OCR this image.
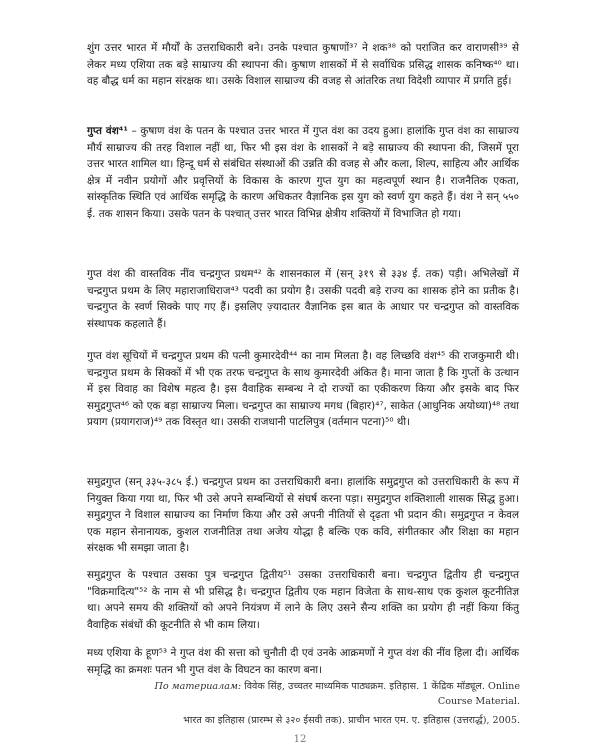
शुंग उत्तर भारत में मौर्यों के उत्तराधिकारी बने। उनके पश्चात कुषाणों³⁷ ने शक³⁸ को पराजित कर वाराणसी³⁹ से लेकर मध्य एशिया तक बड़े साम्राज्य की स्थापना की। कुषाण शासकों में से सर्वाधिक प्रसिद्ध शासक कनिष्क⁴⁰ था। वह बौद्ध धर्म का महान संरक्षक था। उसके विशाल साम्राज्य की वजह से आंतरिक तथा विदेशी व्यापार में प्रगति हुई।

गुप्त वंश⁴¹ – कुषाण वंश के पतन के पश्चात उत्तर भारत में गुप्त वंश का उदय हुआ। हालांकि गुप्त वंश का साम्राज्य मौर्य साम्राज्य की तरह विशाल नहीं था, फिर भी इस वंश के शासकों ने बड़े साम्राज्य की स्थापना की, जिसमें पूरा उत्तर भारत शामिल था। हिन्दू धर्म से संबंधित संस्थाओं की उन्नति की वजह से और कला, शिल्प, साहित्य और आर्थिक क्षेत्र में नवीन प्रयोगों और प्रवृत्तियों के विकास के कारण गुप्त युग का महत्वपूर्ण स्थान है। राजनैतिक एकता, सांस्कृतिक स्थिति एवं आर्थिक समृद्धि के कारण अधिकतर वैज्ञानिक इस युग को स्वर्ण युग कहते हैं। वंश ने सन् ५५० ई. तक शासन किया। उसके पतन के पश्चात् उत्तर भारत विभिन्न क्षेत्रीय शक्तियों में विभाजित हो गया।

गुप्त वंश की वास्तविक नींव चन्द्रगुप्त प्रथम⁴² के शासनकाल में (सन् ३१९ से ३३४ ई. तक) पड़ी। अभिलेखों में चन्द्रगुप्त प्रथम के लिए महाराजाधिराज⁴³ पदवी का प्रयोग है। उसकी पदवी बड़े राज्य का शासक होने का प्रतीक है। चन्द्रगुप्त के स्वर्ण सिक्के पाए गए हैं। इसलिए ज़्यादातर वैज्ञानिक इस बात के आधार पर चन्द्रगुप्त को वास्तविक संस्थापक कहलाते हैं।

गुप्त वंश सूचियों में चन्द्रगुप्त प्रथम की पत्नी कुमारदेवी⁴⁴ का नाम मिलता है। वह लिच्छवि वंश⁴⁵ की राजकुमारी थी। चन्द्रगुप्त प्रथम के सिक्कों में भी एक तरफ चन्द्रगुप्त के साथ कुमारदेवी अंकित है। माना जाता है कि गुप्तों के उत्थान में इस विवाह का विशेष महत्व है। इस वैवाहिक सम्बन्ध ने दो राज्यों का एकीकरण किया और इसके बाद फिर समुद्रगुप्त⁴⁶ को एक बड़ा साम्राज्य मिला। चन्द्रगुप्त का साम्राज्य मगध (बिहार)⁴⁷, साकेत (आधुनिक अयोध्या)⁴⁸ तथा प्रयाग (प्रयागराज)⁴⁹ तक विस्तृत था। उसकी राजधानी पाटलिपुत्र (वर्तमान पटना)⁵⁰ थी।

समुद्रगुप्त (सन् ३३५-३८५ ई.) चन्द्रगुप्त प्रथम का उत्तराधिकारी बना। हालांकि समुद्रगुप्त को उत्तराधिकारी के रूप में नियुक्त किया गया था, फिर भी उसे अपने सम्बन्धियों से संघर्ष करना पड़ा। समुद्रगुप्त शक्तिशाली शासक सिद्ध हुआ। समुद्रगुप्त ने विशाल साम्राज्य का निर्माण किया और उसे अपनी नीतियों से दृढ़ता भी प्रदान की। समुद्रगुप्त न केवल एक महान सेनानायक, कुशल राजनीतिज्ञ तथा अजेय योद्धा है बल्कि एक कवि, संगीतकार और शिक्षा का महान संरक्षक भी समझा जाता है।

समुद्रगुप्त के पश्चात उसका पुत्र चन्द्रगुप्त द्वितीय⁵¹ उसका उत्तराधिकारी बना। चन्द्रगुप्त द्वितीय ही चन्द्रगुप्त "विक्रमादित्य"⁵² के नाम से भी प्रसिद्ध है। चन्द्रगुप्त द्वितीय एक महान विजेता के साथ-साथ एक कुशल कूटनीतिज्ञ था। अपने समय की शक्तियों को अपने नियंत्रण में लाने के लिए उसने सैन्य शक्ति का प्रयोग ही नहीं किया किंतु वैवाहिक संबंधों की कूटनीति से भी काम लिया।

मध्य एशिया के हूण⁵³ ने गुप्त वंश की सत्ता को चुनौती दी एवं उनके आक्रमणों ने गुप्त वंश की नींव हिला दी। आर्थिक समृद्धि का क्रमशः पतन भी गुप्त वंश के विघटन का कारण बना।

По материалам: विवेक सिंह, उच्चतर माध्यमिक पाठ्यक्रम. इतिहास. 1 केंद्रिक मॉड्यूल. Online Course Material.
भारत का इतिहास (प्रारम्भ से ३२० ईसवी तक). प्राचीन भारत एम. ए. इतिहास (उत्तरार्द्ध), 2005.
12
